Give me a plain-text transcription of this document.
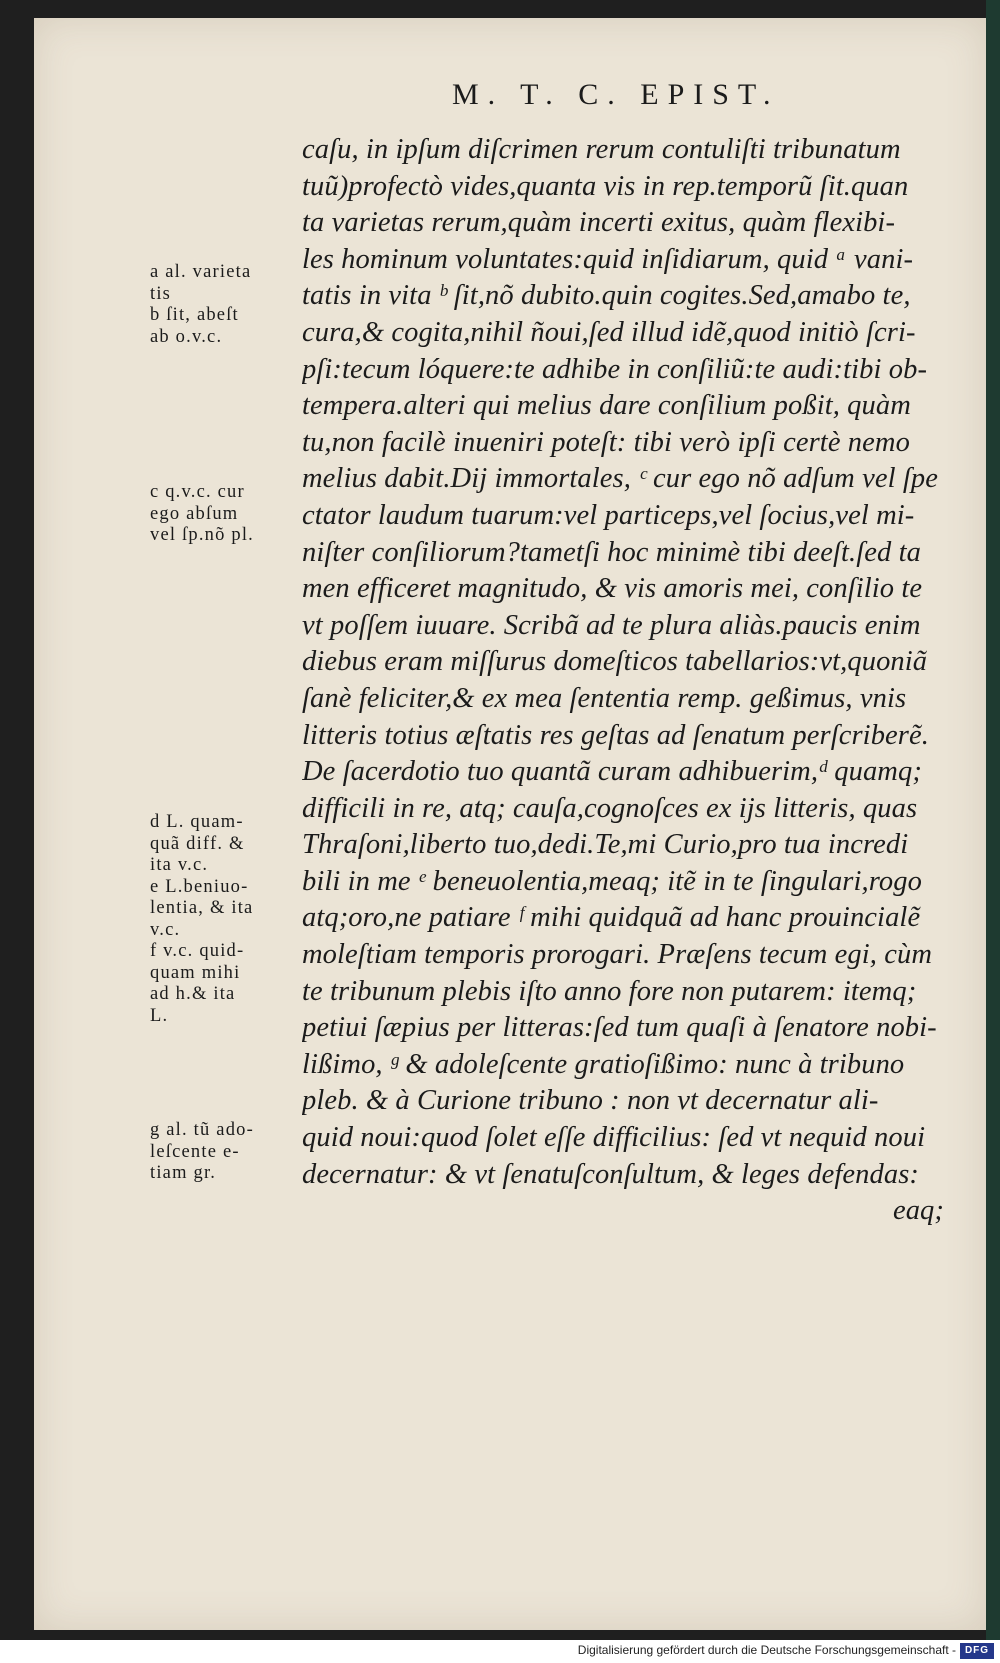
M. T. C. EPIST.
caſu, in ipſum diſcrimen rerum contuliſti tribunatum
tuũ)profectò vides,quanta vis in rep.temporũ ſit.quan
ta varietas rerum,quàm incerti exitus, quàm flexibi-
les hominum voluntates:quid inſidiarum, quid ᵃ vani-
tatis in vita ᵇ ſit,nõ dubito.quin cogites.Sed,amabo te,
cura,& cogita,nihil ñoui,ſed illud idẽ,quod initiò ſcri-
pſi:tecum lóquere:te adhibe in conſiliũ:te audi:tibi ob-
tempera.alteri qui melius dare conſilium poßit, quàm
tu,non facilè inueniri poteſt: tibi verò ipſi certè nemo
melius dabit.Dij immortales, ᶜ cur ego nõ adſum vel ſpe
ctator laudum tuarum:vel particeps,vel ſocius,vel mi-
niſter conſiliorum?tametſi hoc minimè tibi deeſt.ſed ta
men efficeret magnitudo, & vis amoris mei, conſilio te
vt poſſem iuuare. Scribã ad te plura aliàs.paucis enim
diebus eram miſſurus domeſticos tabellarios:vt,quoniã
ſanè feliciter,& ex mea ſententia remp. geßimus, vnis
litteris totius æſtatis res geſtas ad ſenatum perſcriberẽ.
De ſacerdotio tuo quantã curam adhibuerim,ᵈ quamq;
difficili in re, atq; cauſa,cognoſces ex ijs litteris, quas
Thraſoni,liberto tuo,dedi.Te,mi Curio,pro tua incredi
bili in me ᵉ beneuolentia,meaq; itẽ in te ſingulari,rogo
atq;oro,ne patiare ᶠ mihi quidquã ad hanc prouincialẽ
moleſtiam temporis prorogari. Præſens tecum egi, cùm
te tribunum plebis iſto anno fore non putarem: itemq;
petiui ſæpius per litteras:ſed tum quaſi à ſenatore nobi-
lißimo, ᵍ & adoleſcente gratioſißimo: nunc à tribuno
pleb. & à Curione tribuno : non vt decernatur ali-
quid noui:quod ſolet eſſe difficilius: ſed vt nequid noui
decernatur: & vt ſenatuſconſultum, & leges defendas:
eaq;
a al. varieta
tis
b ſit, abeſt
ab o.v.c.
c q.v.c. cur
ego abſum
vel ſp.nõ pl.
d L. quam-
quã diff. &
ita v.c.
e L.beniuo-
lentia, & ita
v.c.
f v.c. quid-
quam mihi
ad h.& ita
L.
g al. tũ ado-
leſcente e-
tiam gr.
Digitalisierung gefördert durch die Deutsche Forschungsgemeinschaft - DFG
